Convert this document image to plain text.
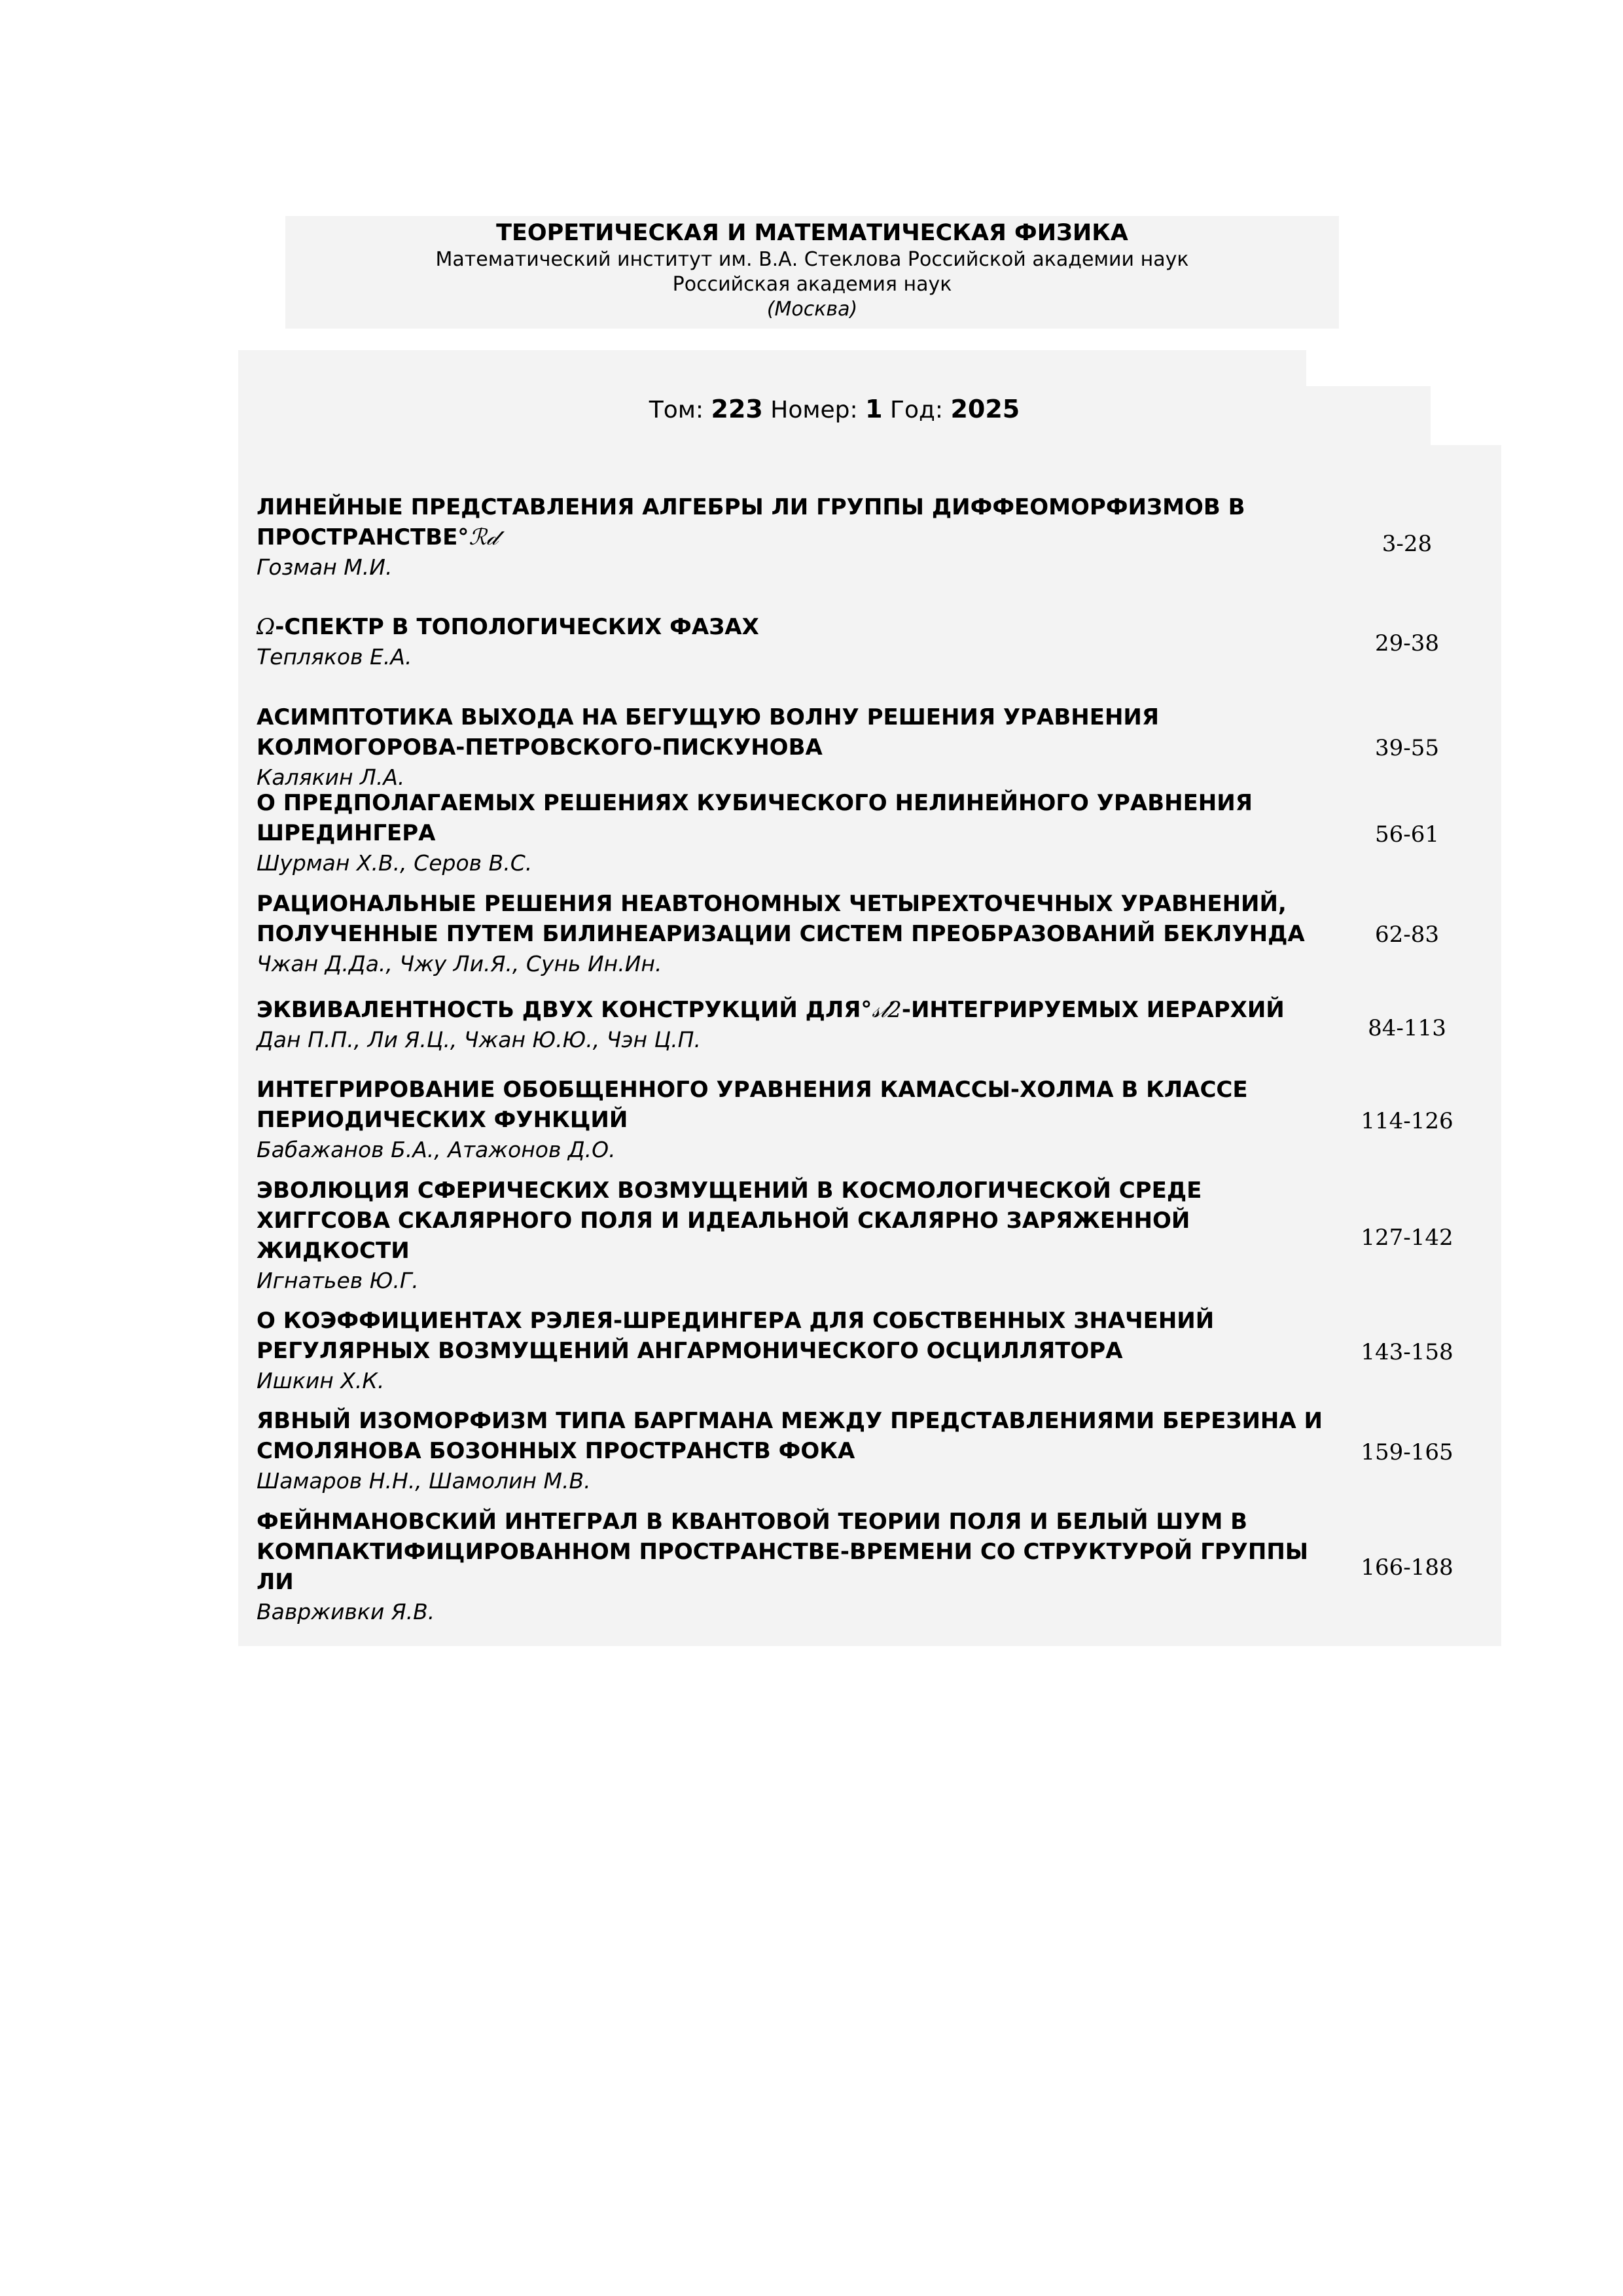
ТЕОРЕТИЧЕСКАЯ И МАТЕМАТИЧЕСКАЯ ФИЗИКА
Математический институт им. В.А. Стеклова Российской академии наук
Российская академия наук
(Москва)
Том: 223 Номер: 1 Год: 2025
ЛИНЕЙНЫЕ ПРЕДСТАВЛЕНИЯ АЛГЕБРЫ ЛИ ГРУППЫ ДИФФЕОМОРФИЗМОВ В
ПРОСТРАНСТВЕ°ℛ𝒹
Гозман М.И.
3-28
Ω-СПЕКТР В ТОПОЛОГИЧЕСКИХ ФАЗАХ
Тепляков Е.А.
29-38
АСИМПТОТИКА ВЫХОДА НА БЕГУЩУЮ ВОЛНУ РЕШЕНИЯ УРАВНЕНИЯ
КОЛМОГОРОВА-ПЕТРОВСКОГО-ПИСКУНОВА
Калякин Л.А.
39-55
О ПРЕДПОЛАГАЕМЫХ РЕШЕНИЯХ КУБИЧЕСКОГО НЕЛИНЕЙНОГО УРАВНЕНИЯ
ШРЕДИНГЕРА
Шурман Х.В., Серов В.С.
56-61
РАЦИОНАЛЬНЫЕ РЕШЕНИЯ НЕАВТОНОМНЫХ ЧЕТЫРЕХТОЧЕЧНЫХ УРАВНЕНИЙ,
ПОЛУЧЕННЫЕ ПУТЕМ БИЛИНЕАРИЗАЦИИ СИСТЕМ ПРЕОБРАЗОВАНИЙ БЕКЛУНДА
Чжан Д.Да., Чжу Ли.Я., Сунь Ин.Ин.
62-83
ЭКВИВАЛЕНТНОСТЬ ДВУХ КОНСТРУКЦИЙ ДЛЯ°𝓈𝓁2-ИНТЕГРИРУЕМЫХ ИЕРАРХИЙ
Дан П.П., Ли Я.Ц., Чжан Ю.Ю., Чэн Ц.П.	84-113
ИНТЕГРИРОВАНИЕ ОБОБЩЕННОГО УРАВНЕНИЯ КАМАССЫ-ХОЛМА В КЛАССЕ
ПЕРИОДИЧЕСКИХ ФУНКЦИЙ
Бабажанов Б.А., Атажонов Д.О.
114-126
ЭВОЛЮЦИЯ СФЕРИЧЕСКИХ ВОЗМУЩЕНИЙ В КОСМОЛОГИЧЕСКОЙ СРЕДЕ
ХИГГСОВА СКАЛЯРНОГО ПОЛЯ И ИДЕАЛЬНОЙ СКАЛЯРНО ЗАРЯЖЕННОЙ
ЖИДКОСТИ
Игнатьев Ю.Г.
127-142
О КОЭФФИЦИЕНТАХ РЭЛЕЯ-ШРЕДИНГЕРА ДЛЯ СОБСТВЕННЫХ ЗНАЧЕНИЙ
РЕГУЛЯРНЫХ ВОЗМУЩЕНИЙ АНГАРМОНИЧЕСКОГО ОСЦИЛЛЯТОРА
Ишкин Х.К.
143-158
ЯВНЫЙ ИЗОМОРФИЗМ ТИПА БАРГМАНА МЕЖДУ ПРЕДСТАВЛЕНИЯМИ БЕРЕЗИНА И
СМОЛЯНОВА БОЗОННЫХ ПРОСТРАНСТВ ФОКА
Шамаров Н.Н., Шамолин М.В.
159-165
ФЕЙНМАНОВСКИЙ ИНТЕГРАЛ В КВАНТОВОЙ ТЕОРИИ ПОЛЯ И БЕЛЫЙ ШУМ В
КОМПАКТИФИЦИРОВАННОМ ПРОСТРАНСТВЕ-ВРЕМЕНИ СО СТРУКТУРОЙ ГРУППЫ
ЛИ
Ваврживки Я.В.
166-188
